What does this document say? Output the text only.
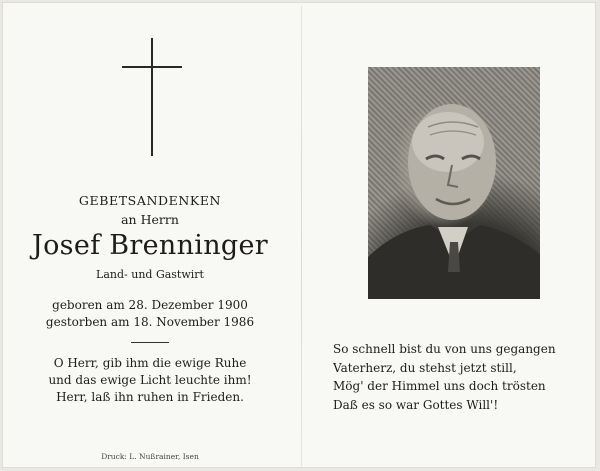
GEBETSANDENKEN
an Herrn
Josef Brenninger
Land- und Gastwirt
geboren am 28. Dezember 1900
gestorben am 18. November 1986
O Herr, gib ihm die ewige Ruhe
und das ewige Licht leuchte ihm!
Herr, laß ihn ruhen in Frieden.
Druck: L. Nußrainer, Isen
So schnell bist du von uns gegangen
Vaterherz, du stehst jetzt still,
Mög' der Himmel uns doch trösten
Daß es so war Gottes Will'!
